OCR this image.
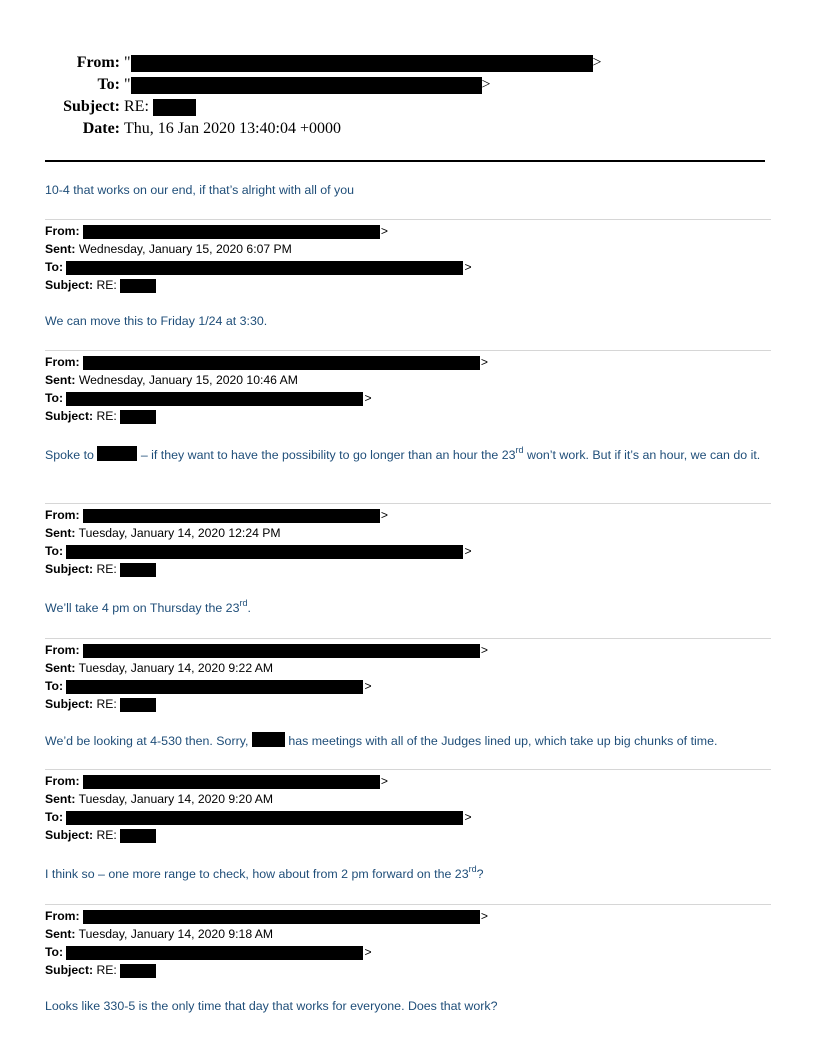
From: "	>
To: "	>
Subject: RE:
Date: Thu, 16 Jan 2020 13:40:04 +0000
10-4 that works on our end, if that’s alright with all of you
From:	>
Sent: Wednesday, January 15, 2020 6:07 PM
To:	>
Subject: RE:
We can move this to Friday 1/24 at 3:30.
From:	>
Sent: Wednesday, January 15, 2020 10:46 AM
To:	>
Subject: RE:
Spoke to	– if they want to have the possibility to go longer than an hour the 23rd won’t work. But if it’s an hour, we can do it.
From:	>
Sent: Tuesday, January 14, 2020 12:24 PM
To:	>
Subject: RE:
We’ll take 4 pm on Thursday the 23rd.
From:	>
Sent: Tuesday, January 14, 2020 9:22 AM
To:	>
Subject: RE:
We’d be looking at 4-530 then. Sorry,	has meetings with all of the Judges lined up, which take up big chunks of time.
From:	>
Sent: Tuesday, January 14, 2020 9:20 AM
To:	>
Subject: RE:
I think so – one more range to check, how about from 2 pm forward on the 23rd?
From:	>
Sent: Tuesday, January 14, 2020 9:18 AM
To:	>
Subject: RE:
Looks like 330-5 is the only time that day that works for everyone. Does that work?
